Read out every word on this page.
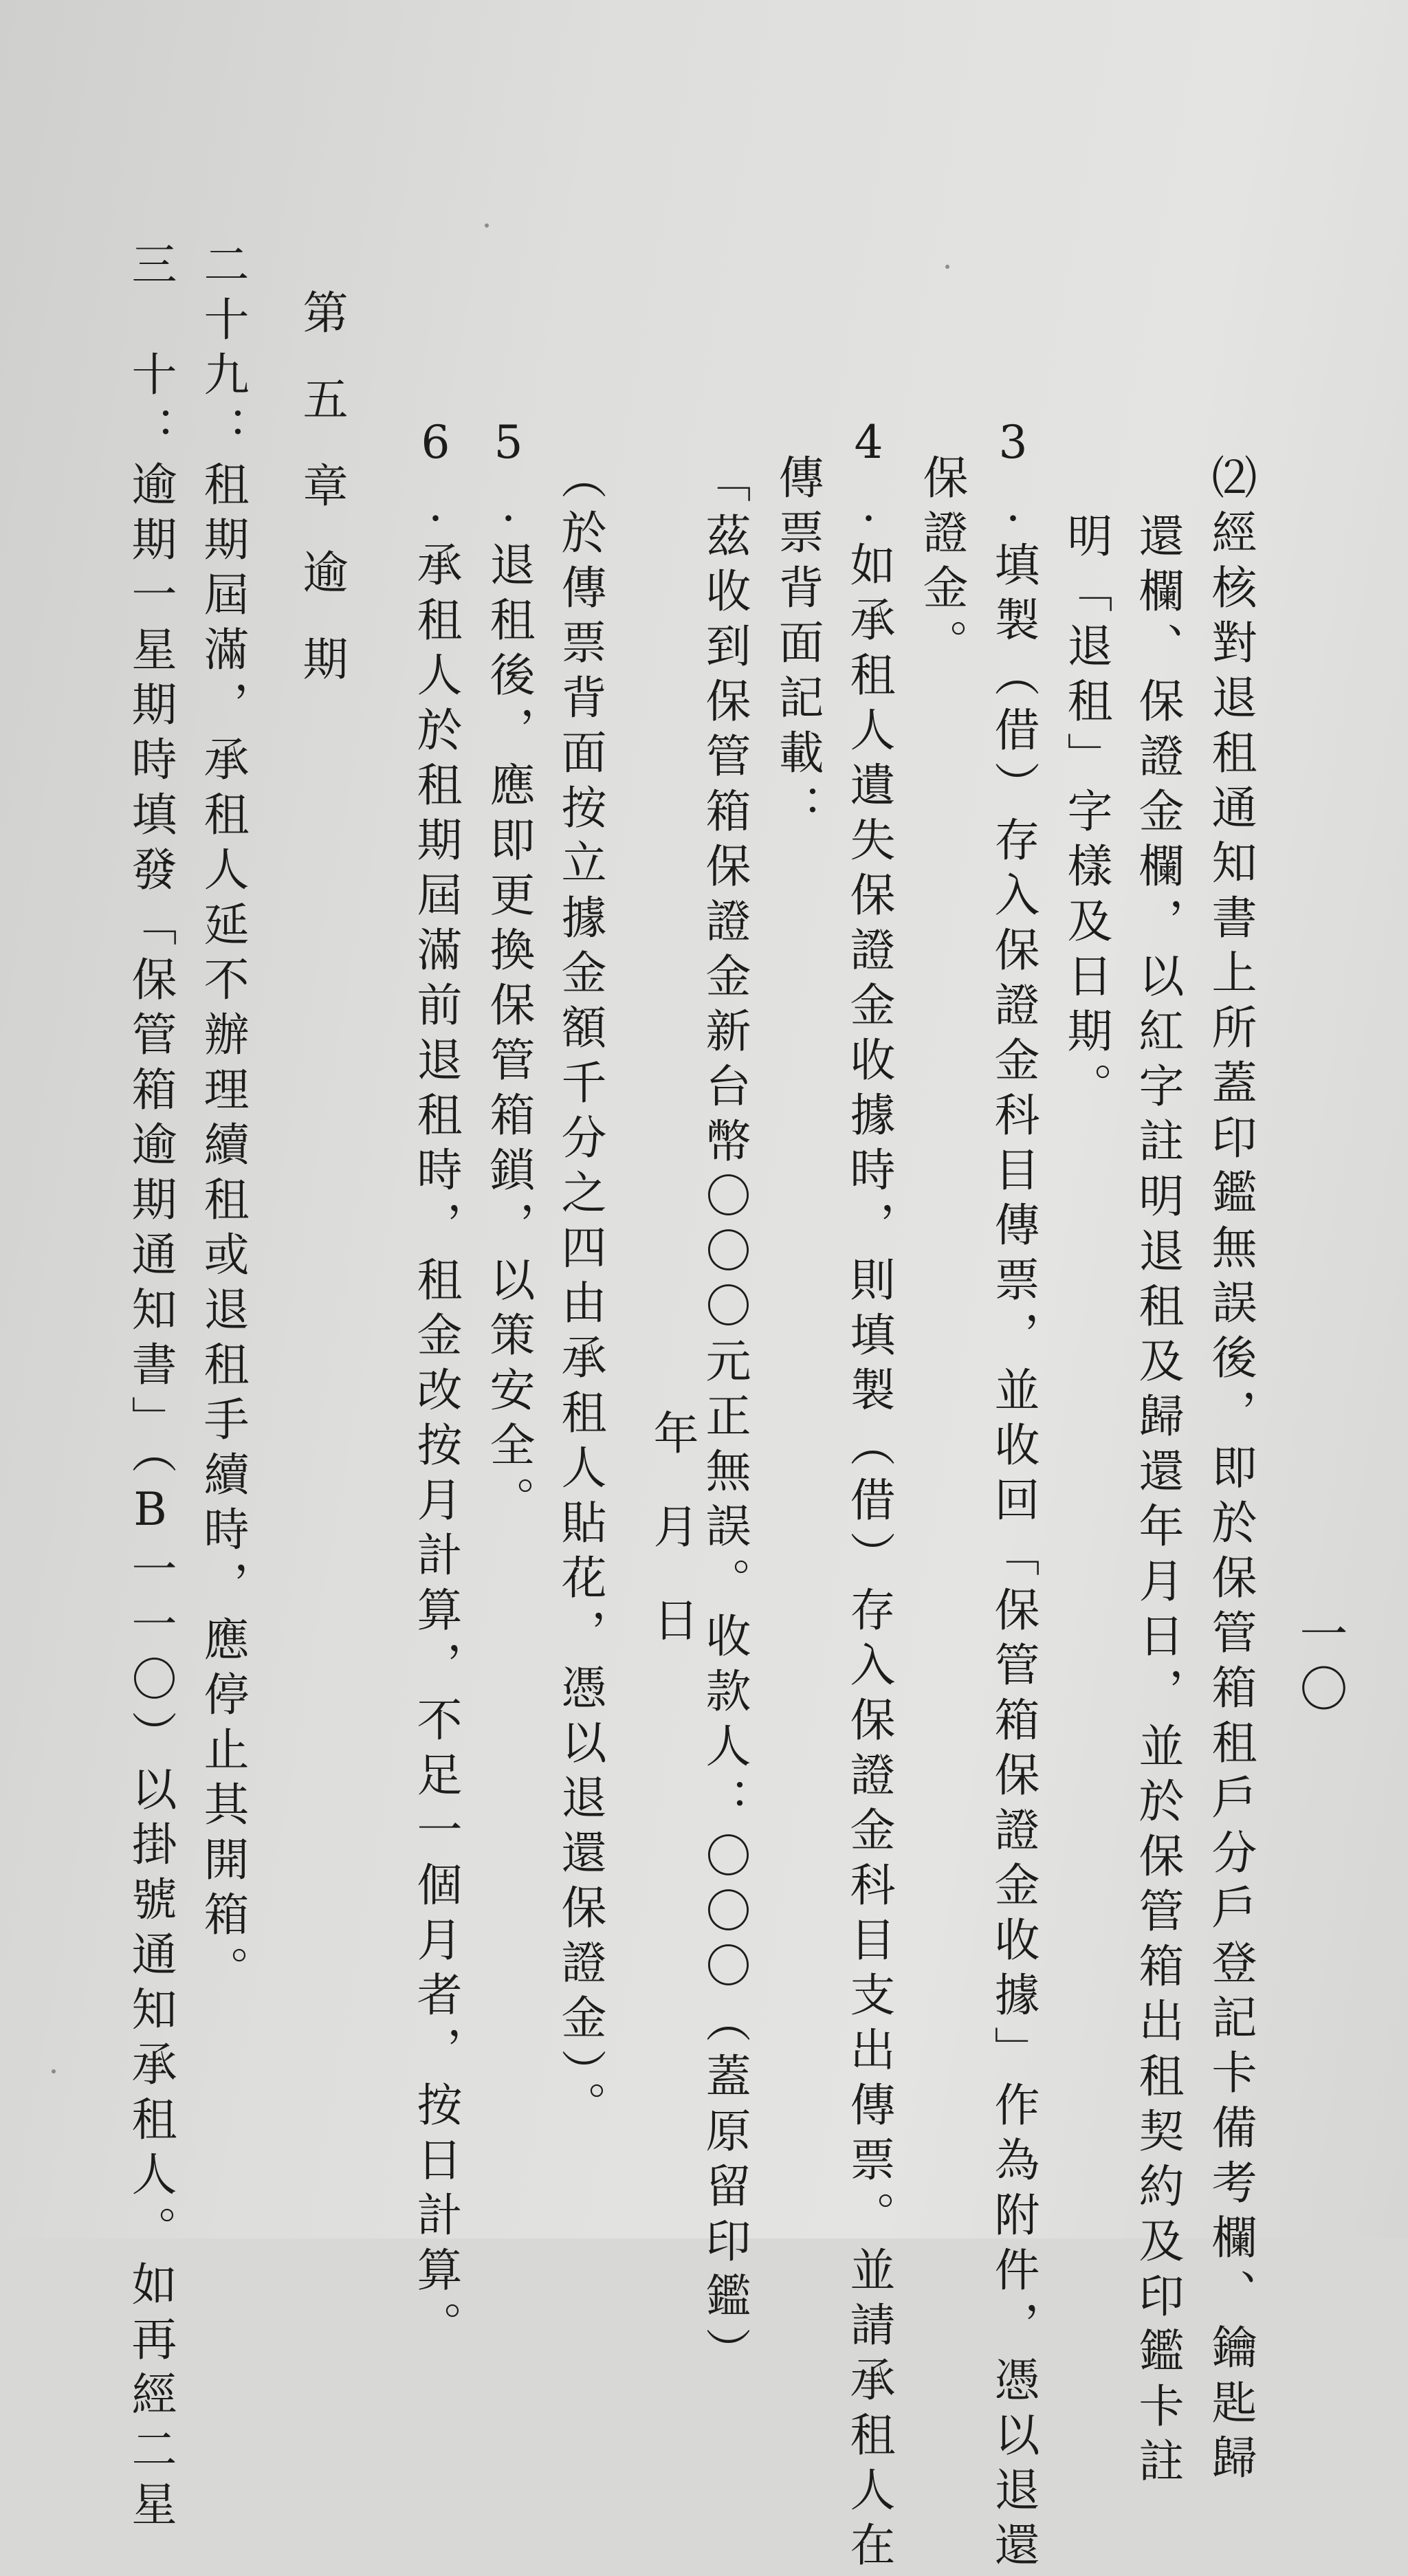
一〇
⑵經核對退租通知書上所蓋印鑑無誤後，即於保管箱租戶分戶登記卡備考欄、鑰匙歸
還欄、保證金欄，以紅字註明退租及歸還年月日，並於保管箱出租契約及印鑑卡註
明「退租」字樣及日期。
3.填製（借）存入保證金科目傳票，並收回「保管箱保證金收據」作為附件，憑以退還
保證金。
4.如承租人遺失保證金收據時，則填製（借）存入保證金科目支出傳票。並請承租人在
傳票背面記載：
「茲收到保管箱保證金新台幣〇〇〇元正無誤。收款人：〇〇〇（蓋原留印鑑）
年月日
（於傳票背面按立據金額千分之四由承租人貼花，憑以退還保證金）。
5.退租後，應即更換保管箱鎖，以策安全。
6.承租人於租期屆滿前退租時，租金改按月計算，不足一個月者，按日計算。
第五章逾期
二十九：租期屆滿，承租人延不辦理續租或退租手續時，應停止其開箱。
三　十：逾期一星期時填發「保管箱逾期通知書」（B一一〇）以掛號通知承租人。如再經二星
